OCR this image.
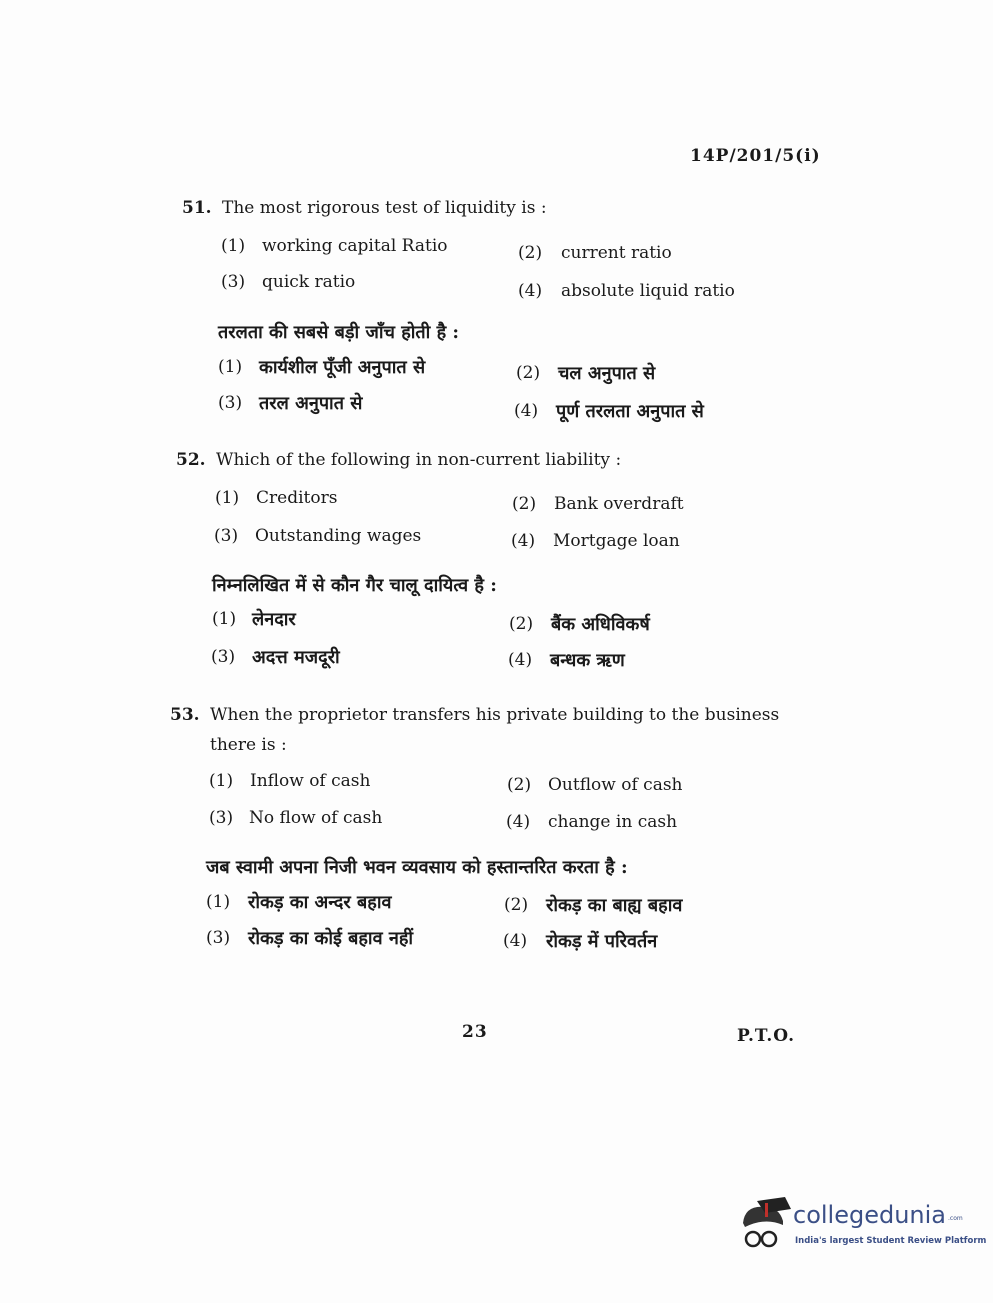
14P/201/5(i)
51. The most rigorous test of liquidity is :
(1) working capital Ratio	(2) current ratio
(3) quick ratio	(4) absolute liquid ratio
तरलता की सबसे बड़ी जाँच होती है :
(1) कार्यशील पूँजी अनुपात से	(2) चल अनुपात से
(3) तरल अनुपात से	(4) पूर्ण तरलता अनुपात से
52. Which of the following in non-current liability :
(1) Creditors	(2) Bank overdraft
(3) Outstanding wages	(4) Mortgage loan
निम्नलिखित में से कौन गैर चालू दायित्व है :
(1) लेनदार	(2) बैंक अधिविकर्ष
(3) अदत्त मजदूरी	(4) बन्धक ऋण
53. When the proprietor transfers his private building to the business
there is :
(1) Inflow of cash	(2) Outflow of cash
(3) No flow of cash	(4) change in cash
जब स्वामी अपना निजी भवन व्यवसाय को हस्तान्तरित करता है :
(1) रोकड़ का अन्दर बहाव	(2) रोकड़ का बाह्य बहाव
(3) रोकड़ का कोई बहाव नहीं	(4) रोकड़ में परिवर्तन
23	P.T.O.
collegedunia .com
India's largest Student Review Platform
